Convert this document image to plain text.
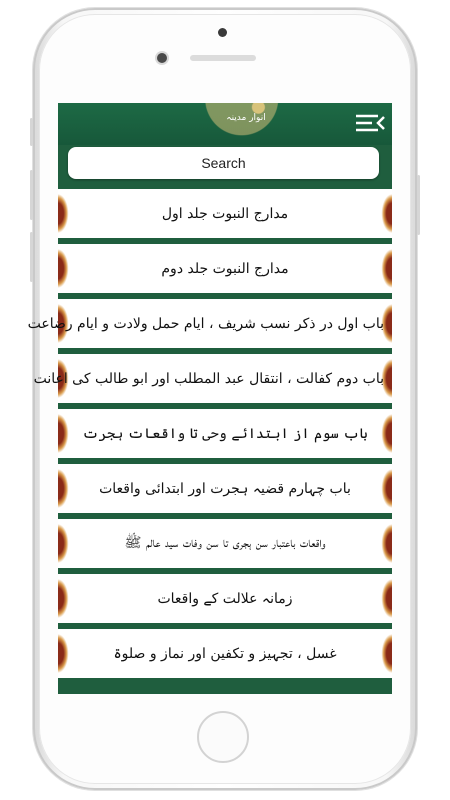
انوار مدینہ
Search
مدارج النبوت جلد اول
مدارج النبوت جلد دوم
باب اول در ذکر نسب شریف ، ایام حمل ولادت و ایام رضاعت
باب دوم کفالت ، انتقال عبد المطلب اور ابو طالب کی اعانت
باب سوم از ابتدائے وحی تا واقعات ہجرت
باب چہارم قضیہ ہجرت اور ابتدائی واقعات
واقعات باعتبار سن ہجری تا سن وفات سید عالم ﷺ
زمانہ علالت کے واقعات
غسل ، تجہیز و تکفین اور نماز و صلوۃ
